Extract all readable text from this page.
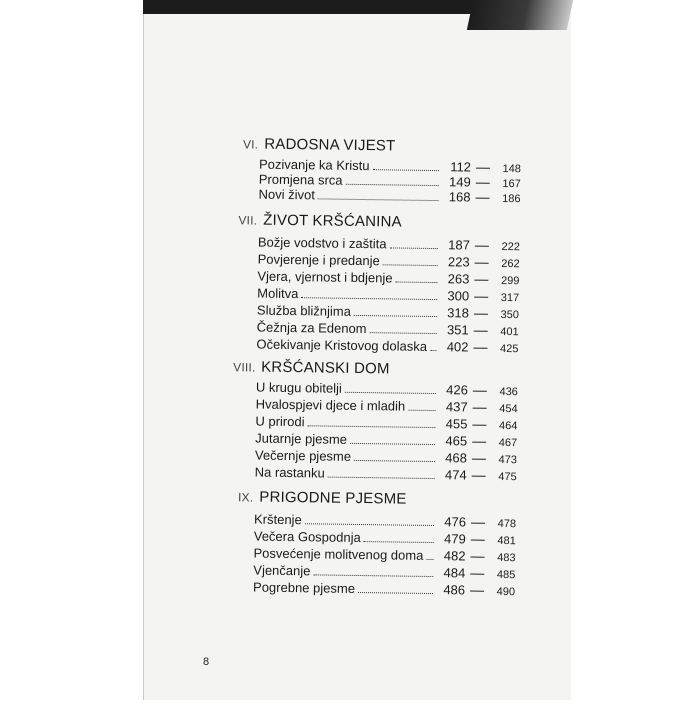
VI. RADOSNA VIJEST
Pozivanje ka Kristu	112	148
Promjena srca	149	167
Novi život	168	186
VII. ŽIVOT KRŠĆANINA
Božje vodstvo i zaštita	187	222
Povjerenje i predanje	223	262
Vjera, vjernost i bdjenje	263	299
Molitva	300	317
Služba bližnjima	318	350
Čežnja za Edenom	351	401
Očekivanje Kristovog dolaska	402	425
VIII. KRŠĆANSKI DOM
U krugu obitelji	426	436
Hvalospjevi djece i mladih	437	454
U prirodi	455	464
Jutarnje pjesme	465	467
Večernje pjesme	468	473
Na rastanku	474	475
IX. PRIGODNE PJESME
Krštenje	476	478
Večera Gospodnja	479	481
Posvećenje molitvenog doma	482	483
Vjenčanje	484	485
Pogrebne pjesme	486	490
8
